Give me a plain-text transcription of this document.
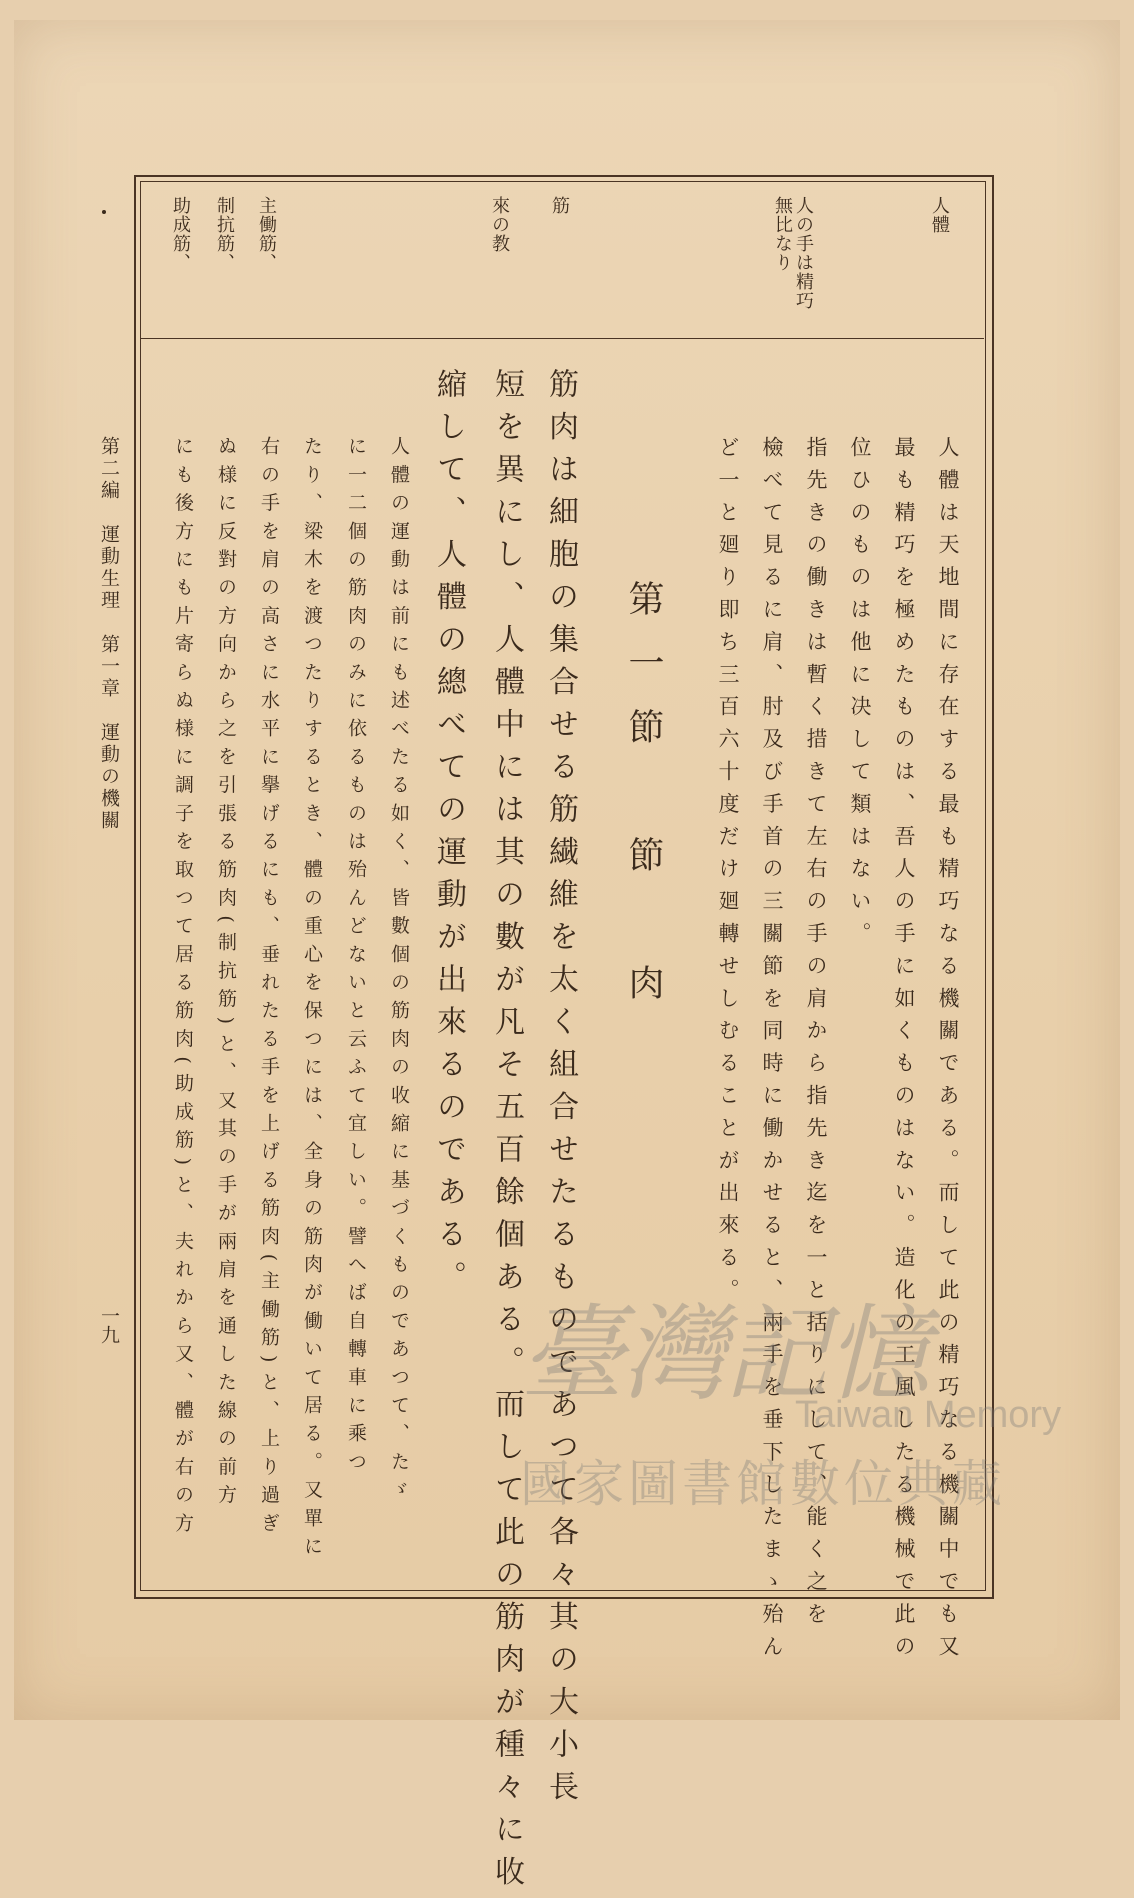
人體
人の手は精巧
無比なり
筋
來の教
主働筋、
制抗筋、
助成筋、
人體は天地間に存在する最も精巧なる機關である。而して此の精巧なる機關中でも又
最も精巧を極めたものは、吾人の手に如くものはない。造化の工風したる機械で此の
位ひのものは他に决して類はない。
指先きの働きは暫く措きて左右の手の肩から指先き迄を一と括りにして、能く之を
檢べて見るに肩、肘及び手首の三關節を同時に働かせると、兩手を垂下したまゝ殆ん
ど一と廻り即ち三百六十度だけ廻轉せしむることが出來る。
第一節　節　肉
筋肉は細胞の集合せる筋繊維を太く組合せたるものであつて各々其の大小長
短を異にし、人體中には其の數が凡そ五百餘個ある。而して此の筋肉が種々に收
縮して、人體の總べての運動が出來るのである。
人體の運動は前にも述べたる如く、皆數個の筋肉の收縮に基づくものであつて、たゞ
に一二個の筋肉のみに依るものは殆んどないと云ふて宜しい。譬へば自轉車に乘つ
たり、梁木を渡つたりするとき、體の重心を保つには、全身の筋肉が働いて居る。又單に
右の手を肩の高さに水平に擧げるにも、垂れたる手を上げる筋肉(主働筋)と、上り過ぎ
ぬ様に反對の方向から之を引張る筋肉(制抗筋)と、又其の手が兩肩を通した線の前方
にも後方にも片寄らぬ様に調子を取つて居る筋肉(助成筋)と、夫れから又、體が右の方
第二編　運動生理　第一章　運動の機關
一九	臺灣記憶
Taiwan Memory
國家圖書館數位典藏
